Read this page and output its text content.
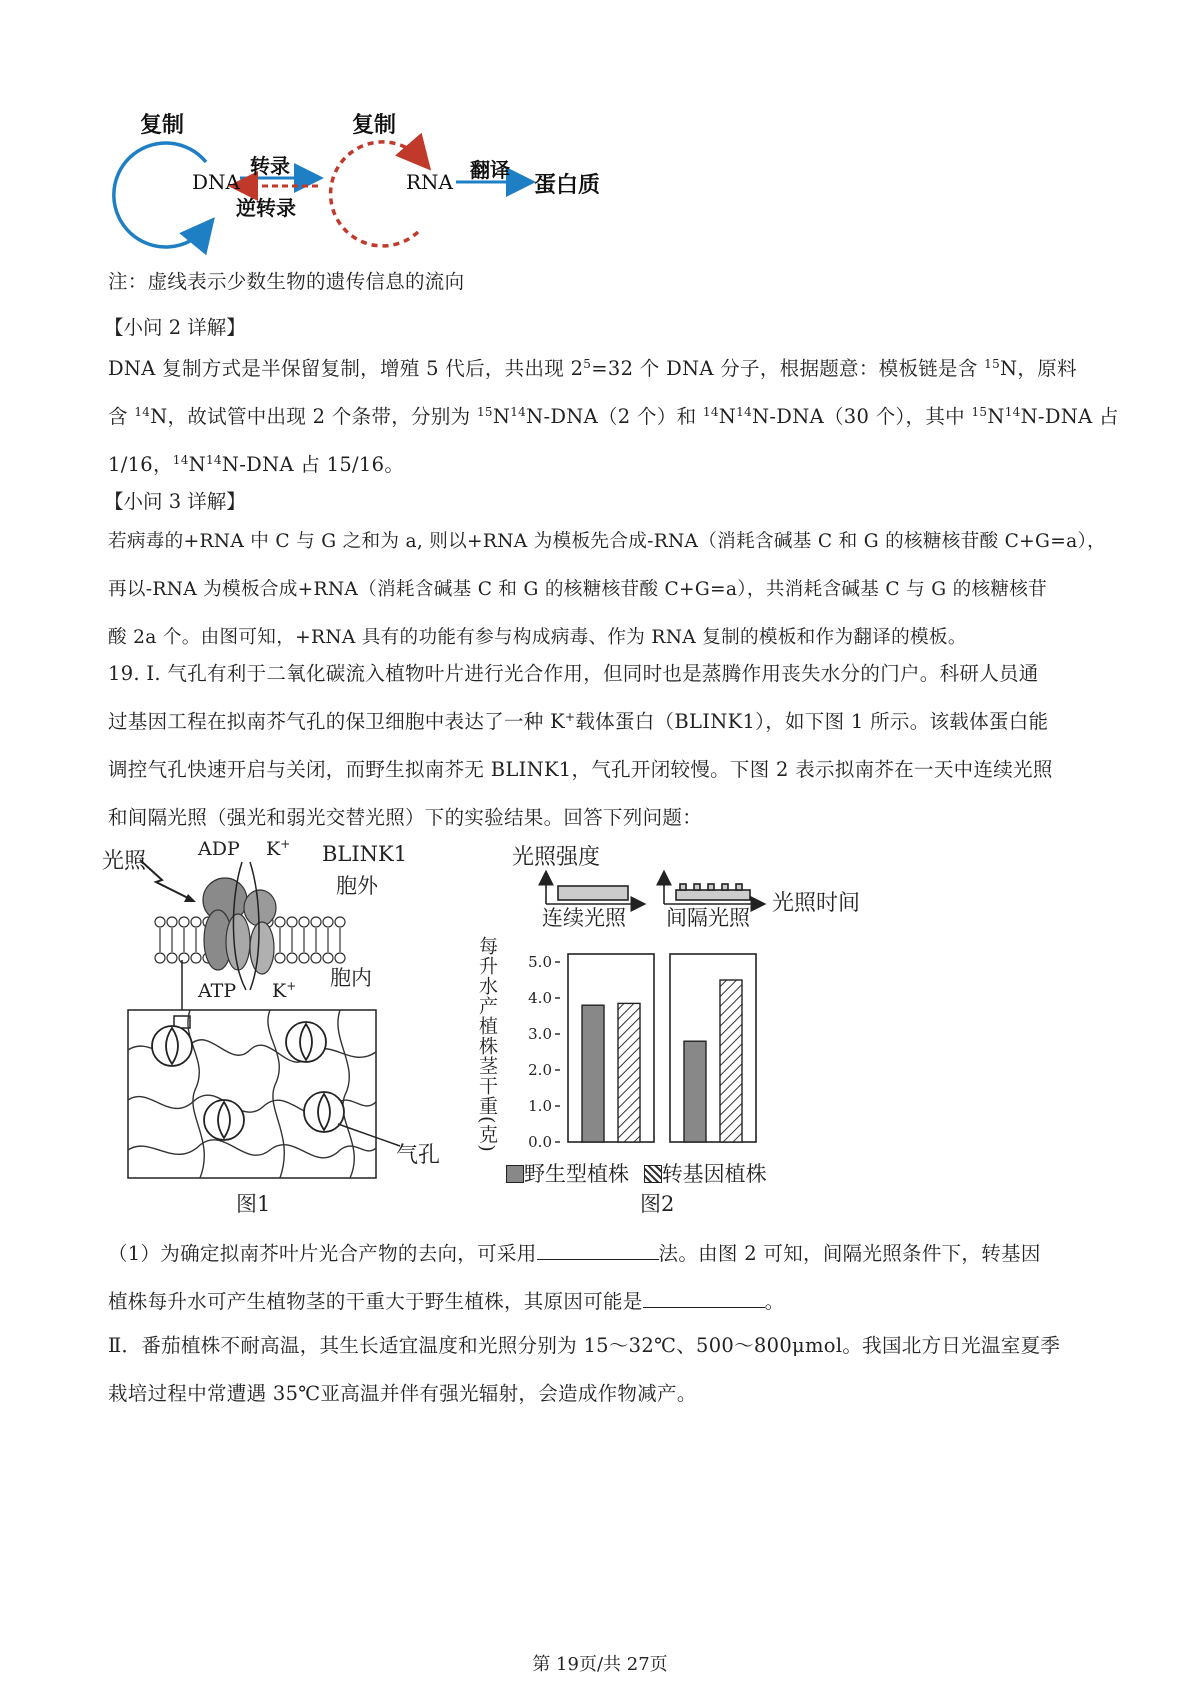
复制	复制
DNA	RNA
转录
逆转录
翻译
蛋白质
注：虚线表示少数生物的遗传信息的流向
【小问 2 详解】
DNA 复制方式是半保留复制，增殖 5 代后，共出现 $2^5=32$ 个 DNA 分子，根据题意：模板链是含 $^{15}$N，原料
含 $^{14}$N，故试管中出现 2 个条带，分别为 $^{15}N^{14}N-DNA(2$ 个）和 $^{14}N^{14}N-DNA(30$ 个），其中 $^{15}N^{14}N$-DNA 占
1/16，$^{14}N^{14}N$-DNA 占 15/16。
【小问 3 详解】
若病毒的+RNA 中 C 与 G 之和为 a, 则以+RNA 为模板先合成-RNA（消耗含碱基 C 和 G 的核糖核苷酸 C+G=a），
再以-RNA 为模板合成+RNA（消耗含碱基 C 和 G 的核糖核苷酸 C+G=a），共消耗含碱基 C 与 G 的核糖核苷
酸 2a 个。由图可知，+RNA 具有的功能有参与构成病毒、作为 RNA 复制的模板和作为翻译的模板。
19. I. 气孔有利于二氧化碳流入植物叶片进行光合作用，但同时也是蒸腾作用丧失水分的门户。科研人员通
过基因工程在拟南芥气孔的保卫细胞中表达了一种 K+载体蛋白（BLINK1），如下图 1 所示。该载体蛋白能
调控气孔快速开启与关闭，而野生拟南芥无 BLINK1，气孔开闭较慢。下图 2 表示拟南芥在一天中连续光照
和间隔光照（强光和弱光交替光照）下的实验结果。回答下列问题：
光照	ADP K+ BLINK1
胞外
胞内
ATP K+
气孔
图1
0.0
1.0
2.0
3.0
4.0
5.0
光照强度
连续光照 间隔光照
光照时间
每升水产植株茎干重(克)
野生型植株 转基因植株
图2
（1）为确定拟南芥叶片光合产物的去向，可采用	法。由图 2 可知，间隔光照条件下，转基因
植株每升水可产生植物茎的干重大于野生植株，其原因可能是	。
Ⅱ．番茄植株不耐高温，其生长适宜温度和光照分别为 15～32℃、500～800μmol。我国北方日光温室夏季
栽培过程中常遭遇 35℃亚高温并伴有强光辐射，会造成作物减产。
第 19页/共 27页
